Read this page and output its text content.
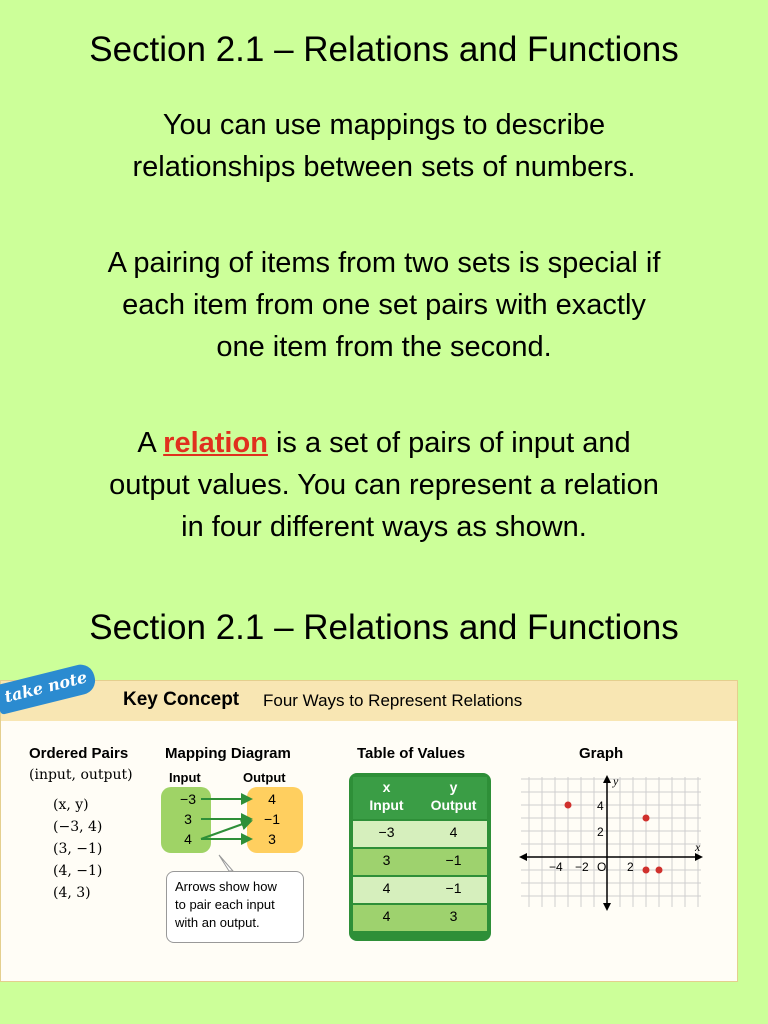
Section 2.1 – Relations and Functions
You can use mappings to describe
relationships between sets of numbers.
A pairing of items from two sets is special if
each item from one set pairs with exactly
one item from the second.
A relation is a set of pairs of input and
output values. You can represent a relation
in four different ways as shown.
Section 2.1 – Relations and Functions
take note	Key Concept Four Ways to Represent Relations
Ordered Pairs
(input, output)
(x, y)
(−3, 4)
(3, −1)
(4, −1)
(4, 3)
Mapping Diagram
Input	Output
−3
3
4
4
−1
3
Arrows show how
to pair each input
with an output.
Table of Values
x	y
Input	Output
−3	4
3	−1
4	−1
4	3
Graph
x
y
−4 −2 O 2
4
2
